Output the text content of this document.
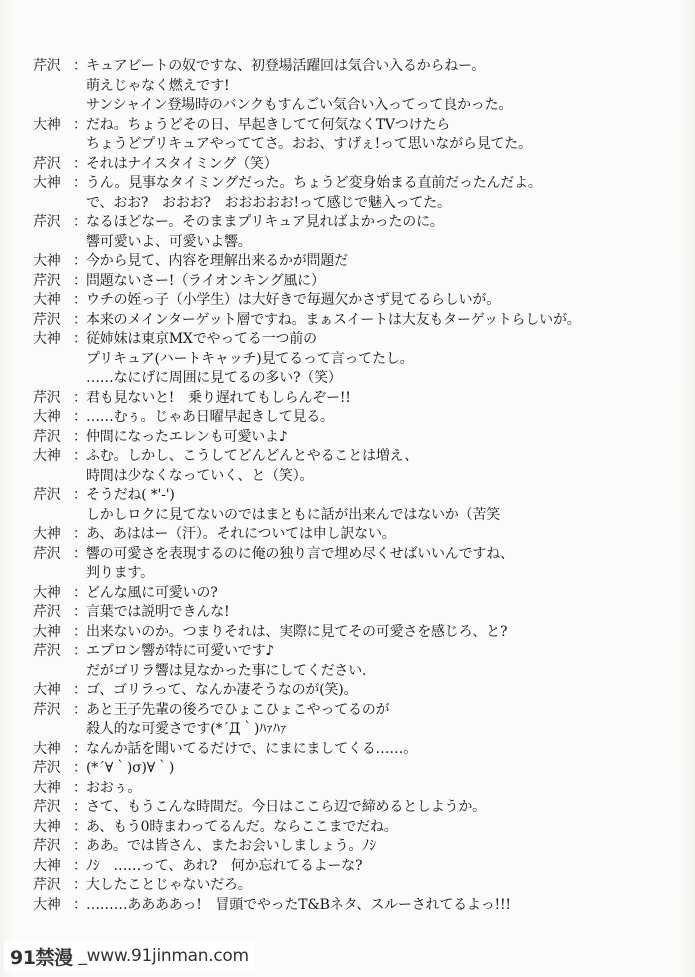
芹沢 ： キュアビートの奴ですな、初登場活躍回は気合い入るからねー。
萌えじゃなく燃えです!
サンシャイン登場時のバンクもすんごい気合い入ってって良かった。
大神 ： だね。ちょうどその日、早起きしてて何気なくTVつけたら
ちょうどプリキュアやっててさ。おお、すげぇ!って思いながら見てた。
芹沢 ： それはナイスタイミング（笑）
大神 ： うん。見事なタイミングだった。ちょうど変身始まる直前だったんだよ。
で、おお?　おおお?　おおおおお!って感じで魅入ってた。
芹沢 ： なるほどなー。そのままプリキュア見ればよかったのに。
響可愛いよ、可愛いよ響。
大神 ： 今から見て、内容を理解出来るかが問題だ
芹沢 ： 問題ないさー!（ライオンキング風に）
大神 ： ウチの姪っ子（小学生）は大好きで毎週欠かさず見てるらしいが。
芹沢 ： 本来のメインターゲット層ですね。まぁスイートは大友もターゲットらしいが。
大神 ： 従姉妹は東京MXでやってる一つ前の
プリキュア(ハートキャッチ)見てるって言ってたし。
……なにげに周囲に見てるの多い?（笑）
芹沢 ： 君も見ないと!　乗り遅れてもしらんぞー!!
大神 ： ……むぅ。じゃあ日曜早起きして見る。
芹沢 ： 仲間になったエレンも可愛いよ♪
大神 ： ふむ。しかし、こうしてどんどんとやることは増え、
時間は少なくなっていく、と（笑）。
芹沢 ： そうだね( *'-')
しかしロクに見てないのではまともに話が出来んではないか（苦笑
大神 ： あ、あははー（汗）。それについては申し訳ない。
芹沢 ： 響の可愛さを表現するのに俺の独り言で埋め尽くせばいいんですね、
判ります。
大神 ： どんな風に可愛いの?
芹沢 ： 言葉では説明できんな!
大神 ： 出来ないのか。つまりそれは、実際に見てその可愛さを感じろ、と?
芹沢 ： エプロン響が特に可愛いです♪
だがゴリラ響は見なかった事にしてください.
大神 ： ゴ、ゴリラって、なんか凄そうなのが(笑)。
芹沢 ： あと王子先輩の後ろでひょこひょこやってるのが
殺人的な可愛さです(*´Д｀)ﾊｧﾊｧ
大神 ： なんか話を聞いてるだけで、にまにましてくる……。
芹沢 ： (*´∀｀)σ)∀｀)
大神 ： おおぅ。
芹沢 ： さて、もうこんな時間だ。今日はここら辺で締めるとしようか。
大神 ： あ、もう0時まわってるんだ。ならここまでだね。
芹沢 ： ああ。では皆さん、またお会いしましょう。ﾉｼ
大神 ： ﾉｼ　……って、あれ?　何か忘れてるよーな?
芹沢 ： 大したことじゃないだろ。
大神 ： ………ああああっ!　冒頭でやったT&Bネタ、スルーされてるよっ!!!
91禁漫 _www.91jinman.com
